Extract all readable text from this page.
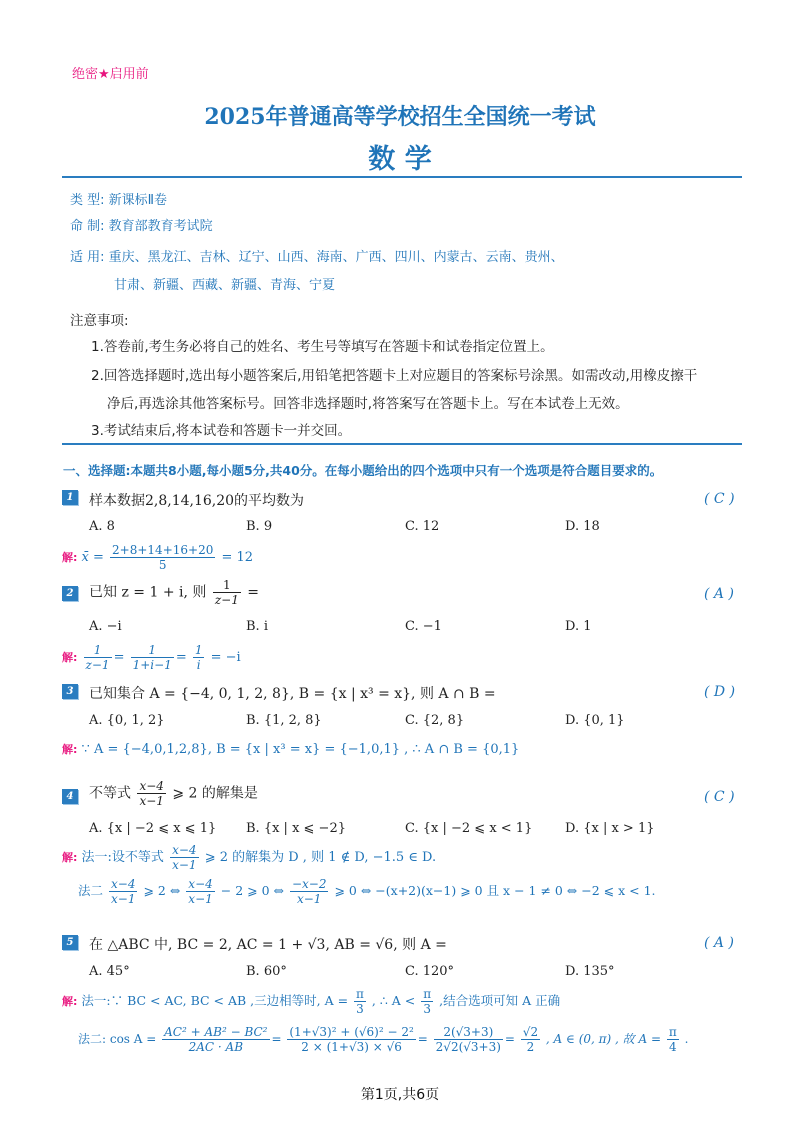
绝密★启用前
2025年普通高等学校招生全国统一考试
数 学
类 型: 新课标Ⅱ卷
命 制: 教育部教育考试院
适 用: 重庆、黑龙江、吉林、辽宁、山西、海南、广西、四川、内蒙古、云南、贵州、
甘肃、新疆、西藏、新疆、青海、宁夏
注意事项:
1.答卷前,考生务必将自己的姓名、考生号等填写在答题卡和试卷指定位置上。
2.回答选择题时,选出每小题答案后,用铅笔把答题卡上对应题目的答案标号涂黑。如需改动,用橡皮擦干
净后,再选涂其他答案标号。回答非选择题时,将答案写在答题卡上。写在本试卷上无效。
3.考试结束后,将本试卷和答题卡一并交回。
一、选择题:本题共8小题,每小题5分,共40分。在每小题给出的四个选项中只有一个选项是符合题目要求的。
1	样本数据2,8,14,16,20的平均数为	( C )
A. 8	B. 9	C. 12	D. 18
解: x̄ = $\frac{2+8+14+16+20}{5} = 12$
2	已知 z = 1 + i, 则 $\frac{1}{z-1}$ =	( A )
A. −i	B. i	C. −1	D. 1
解: $\frac{1}{z-1} = \frac{1}{1+i-1} = \frac{1}{i} = -i$
3	已知集合 A = {−4, 0, 1, 2, 8}, B = {x | x³ = x}, 则 A ∩ B =	( D )
A. {0, 1, 2}	B. {1, 2, 8}	C. {2, 8}	D. {0, 1}
解: ∵ A = {−4,0,1,2,8}, B = {x | x³ = x} = {−1,0,1} , ∴ A ∩ B = {0,1}
4	不等式 $\frac{x-4}{x-1}$ ⩾ 2 的解集是	( C )
A. {x | −2 ⩽ x ⩽ 1} B. {x | x ⩽ −2}	C. {x | −2 ⩽ x < 1}	D. {x | x > 1}
解: 法一:设不等式 $\frac{x-4}{x-1}$ ⩾ 2 的解集为 D , 则 1 ∉ D, −1.5 ∈ D.
法二 $\frac{x-4}{x-1}$ ⩾ 2 ⇔ $\frac{x-4}{x-1} - 2$ ⩾ 0 ⇔ $\frac{-x-2}{x-1}$ ⩾ 0 ⇔ −(x+2)(x−1) ⩾ 0 且 x − 1 ≠ 0 ⇔ −2 ⩽ x < 1.
5	在 △ABC 中, BC = 2, AC = 1 + √3, AB = √6, 则 A =	( A )
A. 45°	B. 60°	C. 120°	D. 135°
解: 法一:∵ BC < AC, BC < AB ,三边相等时, $A = \frac{\pi}{3}$ , ∴ $A < \frac{\pi}{3}$ ,结合选项可知 A 正确
法二: $\cos A = \frac{\text{AC² + AB² − BC²}}{2AC \cdot AB} = \frac{\text{(1+√3)² + (√6)² − 2²}}{2 \times (1+√3) \times √6} = \frac{2(√3+3)}{2√2(√3+3)} = \frac{√2}{2}$ , A ∈ (0, π) , 故 $A = \frac{\pi}{4}$ .
第1页,共6页
